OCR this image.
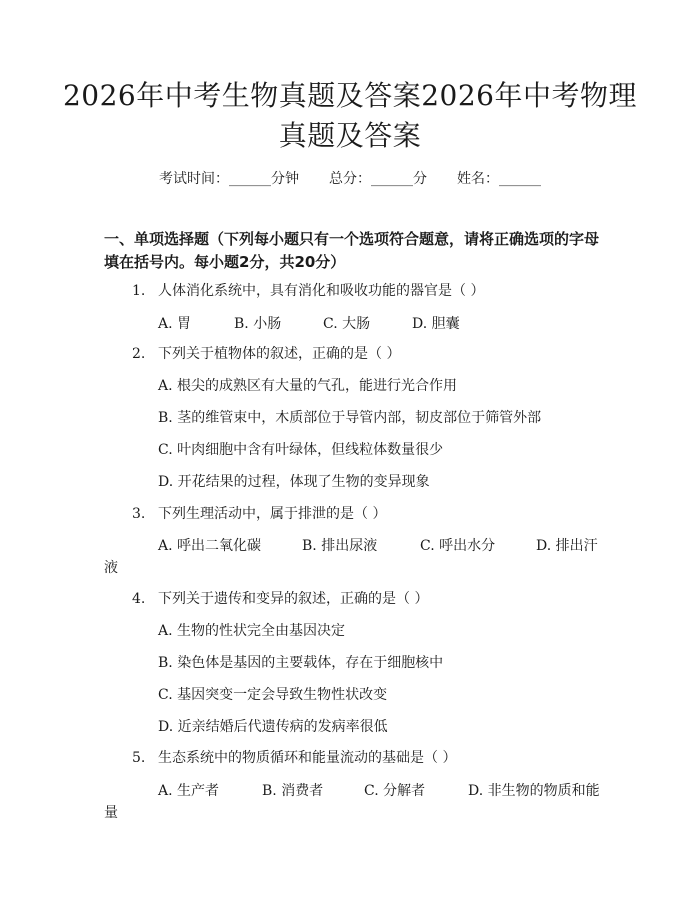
2026年中考生物真题及答案2026年中考物理真题及答案
考试时间：______分钟 总分：______分 姓名：______
一、单项选择题（下列每小题只有一个选项符合题意，请将正确选项的字母填在括号内。每小题2分，共20分）
1. 人体消化系统中，具有消化和吸收功能的器官是（ ）
A. 胃	B. 小肠	C. 大肠	D. 胆囊
2. 下列关于植物体的叙述，正确的是（ ）
A. 根尖的成熟区有大量的气孔，能进行光合作用
B. 茎的维管束中，木质部位于导管内部，韧皮部位于筛管外部
C. 叶肉细胞中含有叶绿体，但线粒体数量很少
D. 开花结果的过程，体现了生物的变异现象
3. 下列生理活动中，属于排泄的是（ ）
A. 呼出二氧化碳	B. 排出尿液	C. 呼出水分	D. 排出汗
液
4. 下列关于遗传和变异的叙述，正确的是（ ）
A. 生物的性状完全由基因决定
B. 染色体是基因的主要载体，存在于细胞核中
C. 基因突变一定会导致生物性状改变
D. 近亲结婚后代遗传病的发病率很低
5. 生态系统中的物质循环和能量流动的基础是（ ）
A. 生产者	B. 消费者	C. 分解者	D. 非生物的物质和能
量
